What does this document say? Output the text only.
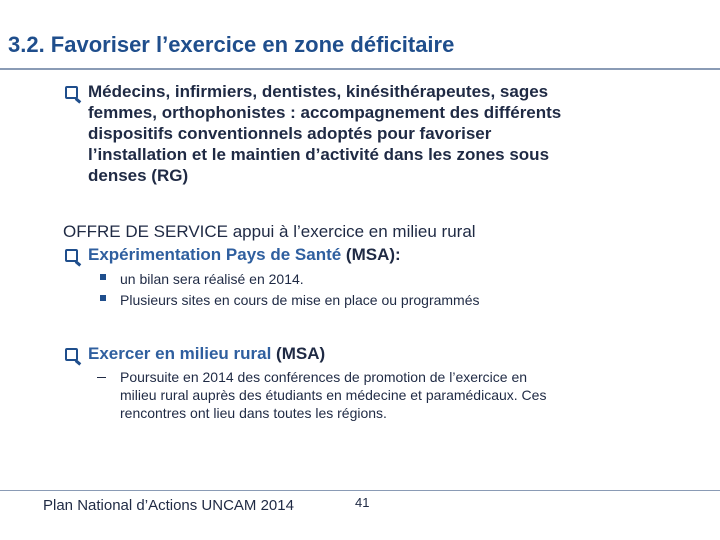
3.2. Favoriser l’exercice en zone déficitaire
Médecins, infirmiers, dentistes, kinésithérapeutes, sages
femmes, orthophonistes : accompagnement des différents
dispositifs conventionnels adoptés pour favoriser
l’installation et le maintien d’activité dans les zones sous
denses (RG)
OFFRE DE SERVICE appui à l’exercice en milieu rural
Expérimentation Pays de Santé (MSA):
un bilan sera réalisé en 2014.
Plusieurs sites en cours de mise en place ou programmés
Exercer en milieu rural (MSA)
Poursuite en 2014 des conférences de promotion de l’exercice en
milieu rural auprès des étudiants en médecine et paramédicaux. Ces
rencontres ont lieu dans toutes les régions.
Plan National d’Actions UNCAM 2014	41
